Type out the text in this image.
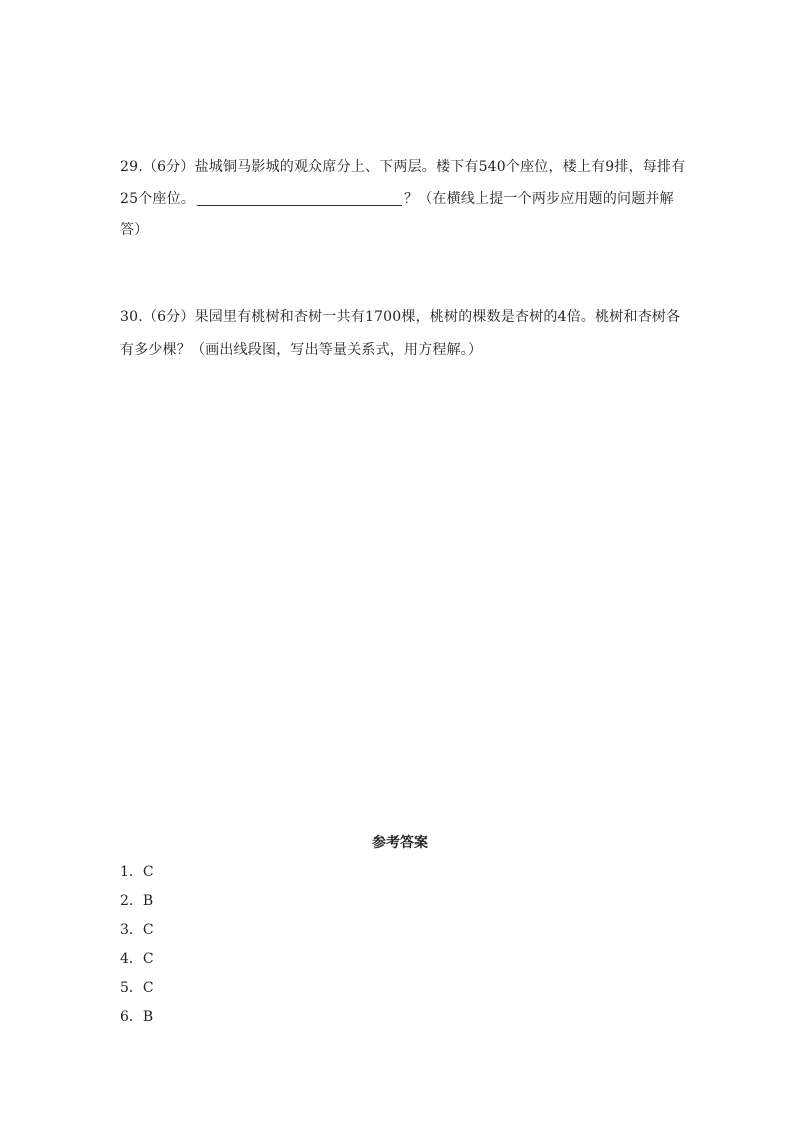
29.（6分）盐城铜马影城的观众席分上、下两层。楼下有540个座位，楼上有9排，每排有
25个座位。	？（在横线上提一个两步应用题的问题并解
答）
30.（6分）果园里有桃树和杏树一共有1700棵，桃树的棵数是杏树的4倍。桃树和杏树各
有多少棵？（画出线段图，写出等量关系式，用方程解。）
参考答案
1．C
2．B
3．C
4．C
5．C
6．B
